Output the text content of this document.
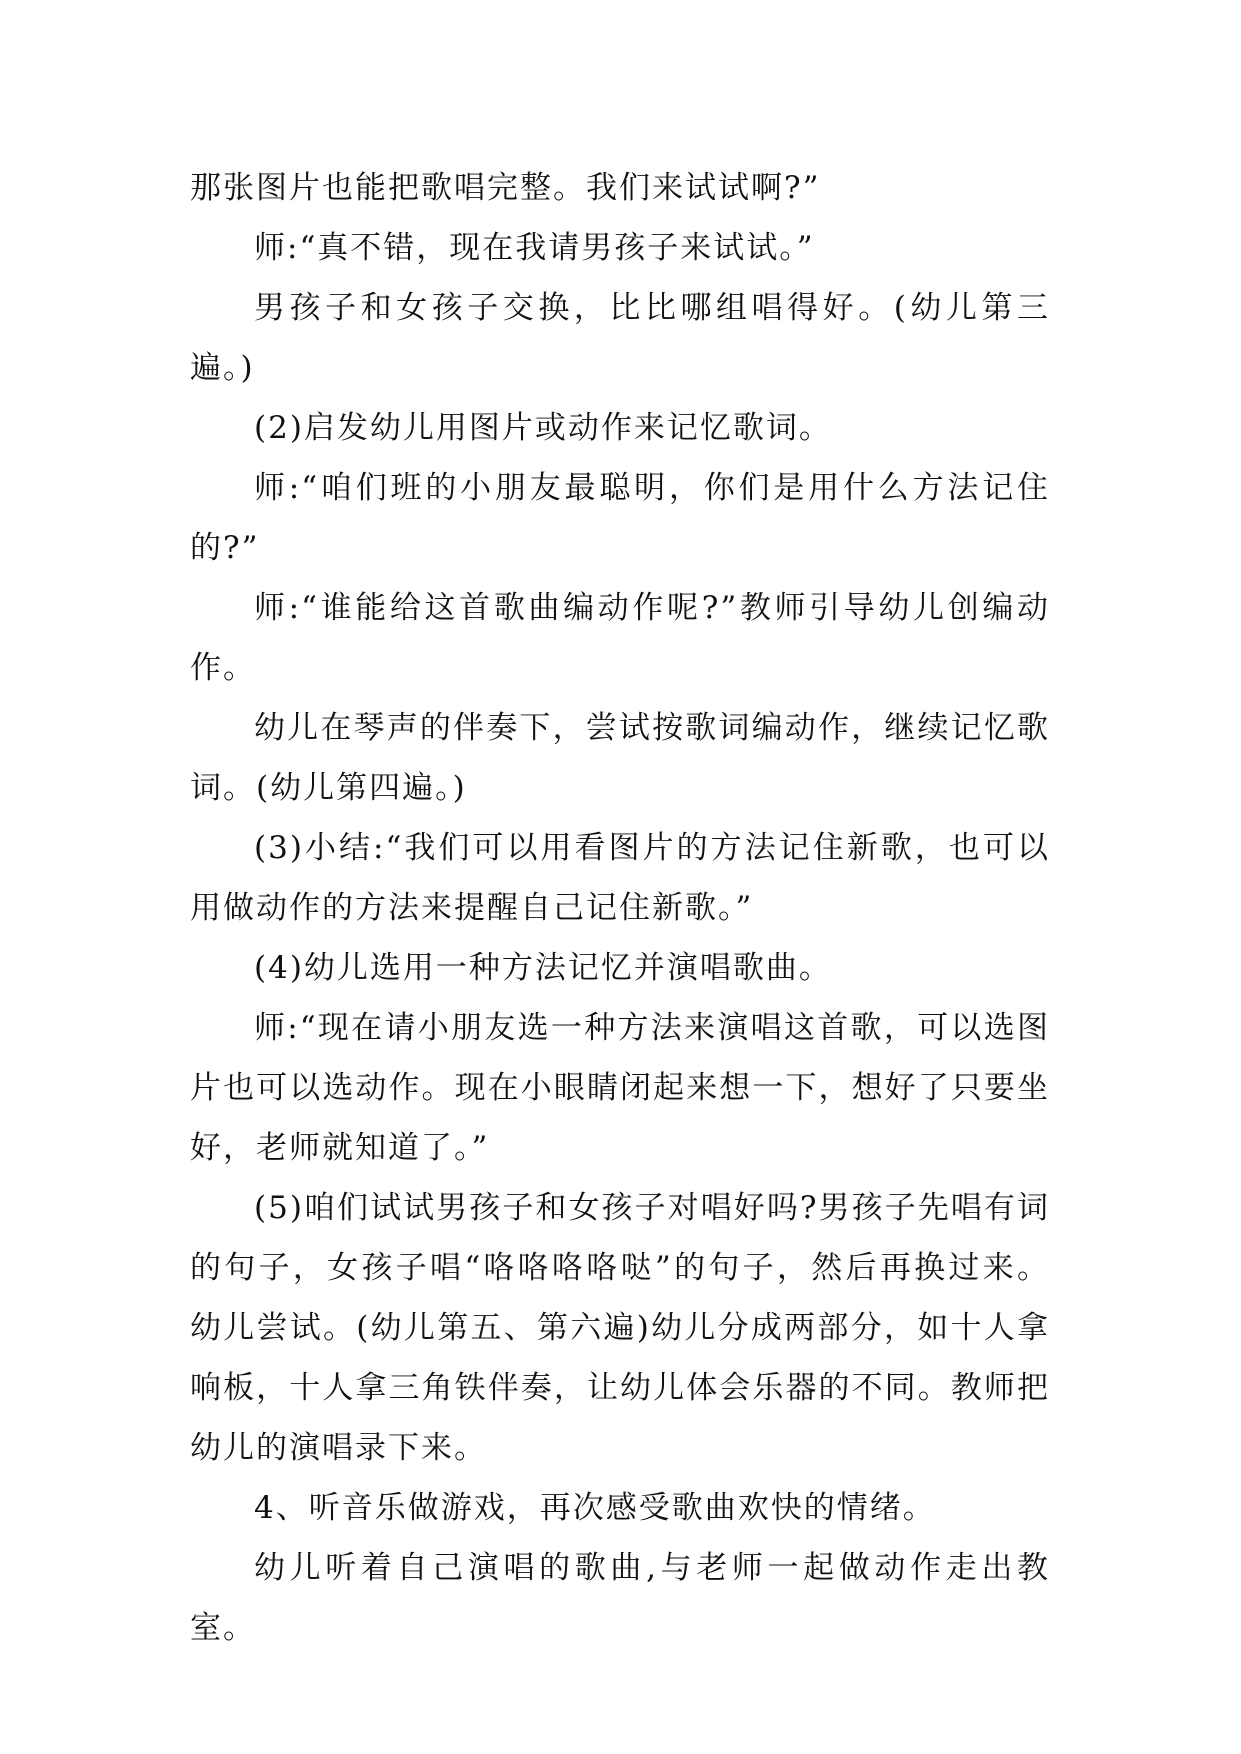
那张图片也能把歌唱完整。我们来试试啊?”

师:“真不错，现在我请男孩子来试试。”

男孩子和女孩子交换，比比哪组唱得好。(幼儿第三遍。)

(2)启发幼儿用图片或动作来记忆歌词。

师:“咱们班的小朋友最聪明，你们是用什么方法记住的?”

师:“谁能给这首歌曲编动作呢?”教师引导幼儿创编动作。

幼儿在琴声的伴奏下，尝试按歌词编动作，继续记忆歌词。(幼儿第四遍。)

(3)小结:“我们可以用看图片的方法记住新歌，也可以用做动作的方法来提醒自己记住新歌。”

(4)幼儿选用一种方法记忆并演唱歌曲。

师:“现在请小朋友选一种方法来演唱这首歌，可以选图片也可以选动作。现在小眼睛闭起来想一下，想好了只要坐好，老师就知道了。”

(5)咱们试试男孩子和女孩子对唱好吗?男孩子先唱有词的句子，女孩子唱“咯咯咯咯哒”的句子，然后再换过来。幼儿尝试。(幼儿第五、第六遍)幼儿分成两部分，如十人拿响板，十人拿三角铁伴奏，让幼儿体会乐器的不同。教师把幼儿的演唱录下来。

4、听音乐做游戏，再次感受歌曲欢快的情绪。

幼儿听着自己演唱的歌曲,与老师一起做动作走出教室。
